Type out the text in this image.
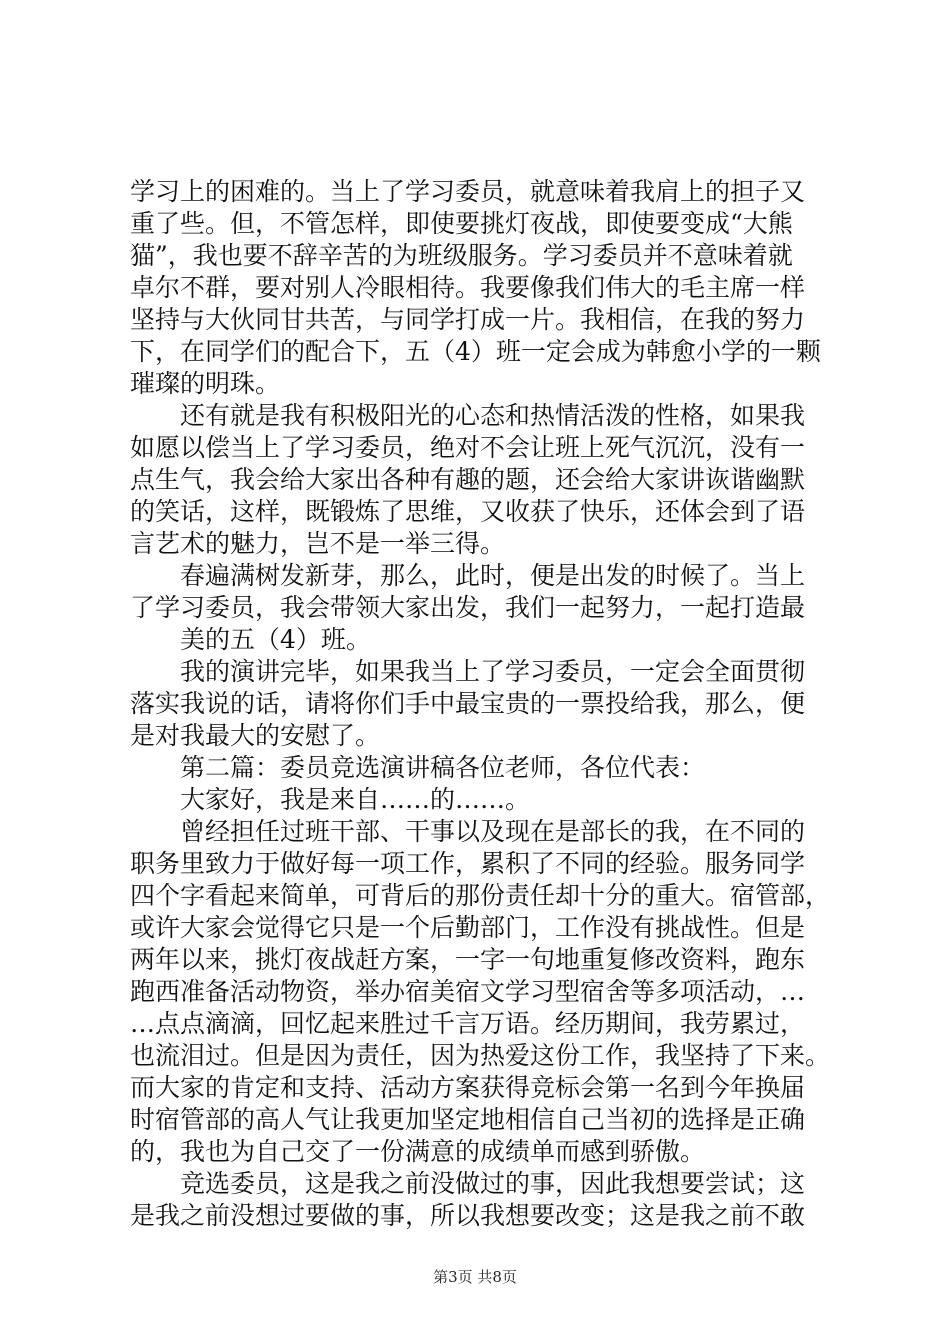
学习上的困难的。当上了学习委员，就意味着我肩上的担子又
重了些。但，不管怎样，即使要挑灯夜战，即使要变成“大熊
猫”，我也要不辞辛苦的为班级服务。学习委员并不意味着就
卓尔不群，要对别人冷眼相待。我要像我们伟大的毛主席一样
坚持与大伙同甘共苦，与同学打成一片。我相信，在我的努力
下，在同学们的配合下，五（4）班一定会成为韩愈小学的一颗
璀璨的明珠。
还有就是我有积极阳光的心态和热情活泼的性格，如果我
如愿以偿当上了学习委员，绝对不会让班上死气沉沉，没有一
点生气，我会给大家出各种有趣的题，还会给大家讲诙谐幽默
的笑话，这样，既锻炼了思维，又收获了快乐，还体会到了语
言艺术的魅力，岂不是一举三得。
春遍满树发新芽，那么，此时，便是出发的时候了。当上
了学习委员，我会带领大家出发，我们一起努力，一起打造最
美的五（4）班。
我的演讲完毕，如果我当上了学习委员，一定会全面贯彻
落实我说的话，请将你们手中最宝贵的一票投给我，那么，便
是对我最大的安慰了。
第二篇：委员竞选演讲稿各位老师，各位代表：
大家好，我是来自……的……。
曾经担任过班干部、干事以及现在是部长的我，在不同的
职务里致力于做好每一项工作，累积了不同的经验。服务同学
四个字看起来简单，可背后的那份责任却十分的重大。宿管部，
或许大家会觉得它只是一个后勤部门，工作没有挑战性。但是
两年以来，挑灯夜战赶方案，一字一句地重复修改资料，跑东
跑西准备活动物资，举办宿美宿文学习型宿舍等多项活动，…
…点点滴滴，回忆起来胜过千言万语。经历期间，我劳累过，
也流泪过。但是因为责任，因为热爱这份工作，我坚持了下来。
而大家的肯定和支持、活动方案获得竞标会第一名到今年换届
时宿管部的高人气让我更加坚定地相信自己当初的选择是正确
的，我也为自己交了一份满意的成绩单而感到骄傲。
竞选委员，这是我之前没做过的事，因此我想要尝试；这
是我之前没想过要做的事，所以我想要改变；这是我之前不敢
第3页 共8页
